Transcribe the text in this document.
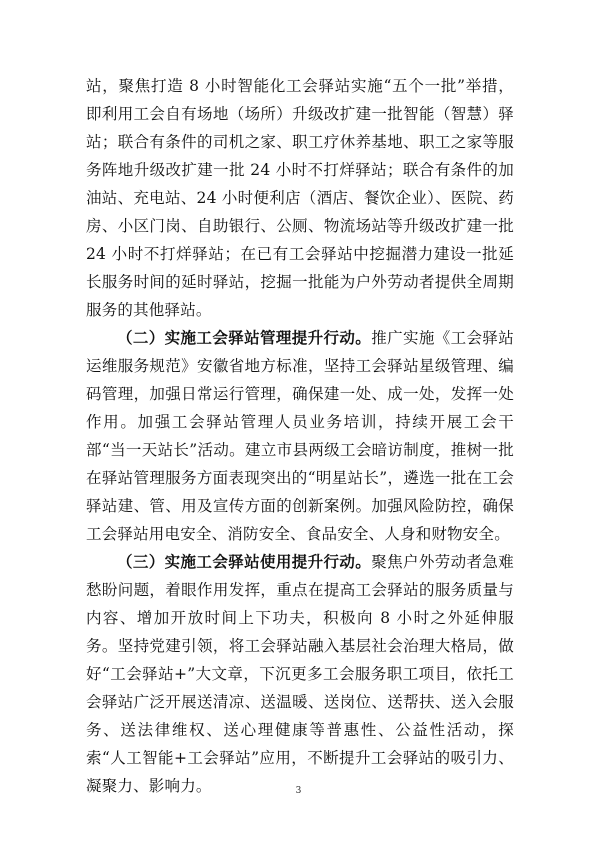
站，聚焦打造 8 小时智能化工会驿站实施“五个一批”举措，即利用工会自有场地（场所）升级改扩建一批智能（智慧）驿站；联合有条件的司机之家、职工疗休养基地、职工之家等服务阵地升级改扩建一批 24 小时不打烊驿站；联合有条件的加油站、充电站、24 小时便利店（酒店、餐饮企业）、医院、药房、小区门岗、自助银行、公厕、物流场站等升级改扩建一批 24 小时不打烊驿站；在已有工会驿站中挖掘潜力建设一批延长服务时间的延时驿站，挖掘一批能为户外劳动者提供全周期服务的其他驿站。

（二）实施工会驿站管理提升行动。推广实施《工会驿站运维服务规范》安徽省地方标准，坚持工会驿站星级管理、编码管理，加强日常运行管理，确保建一处、成一处，发挥一处作用。加强工会驿站管理人员业务培训，持续开展工会干部“当一天站长”活动。建立市县两级工会暗访制度，推树一批在驿站管理服务方面表现突出的“明星站长”，遴选一批在工会驿站建、管、用及宣传方面的创新案例。加强风险防控，确保工会驿站用电安全、消防安全、食品安全、人身和财物安全。

（三）实施工会驿站使用提升行动。聚焦户外劳动者急难愁盼问题，着眼作用发挥，重点在提高工会驿站的服务质量与内容、增加开放时间上下功夫，积极向 8 小时之外延伸服务。坚持党建引领，将工会驿站融入基层社会治理大格局，做好“工会驿站+”大文章，下沉更多工会服务职工项目，依托工会驿站广泛开展送清凉、送温暖、送岗位、送帮扶、送入会服务、送法律维权、送心理健康等普惠性、公益性活动，探索“人工智能+工会驿站”应用，不断提升工会驿站的吸引力、凝聚力、影响力。	3
